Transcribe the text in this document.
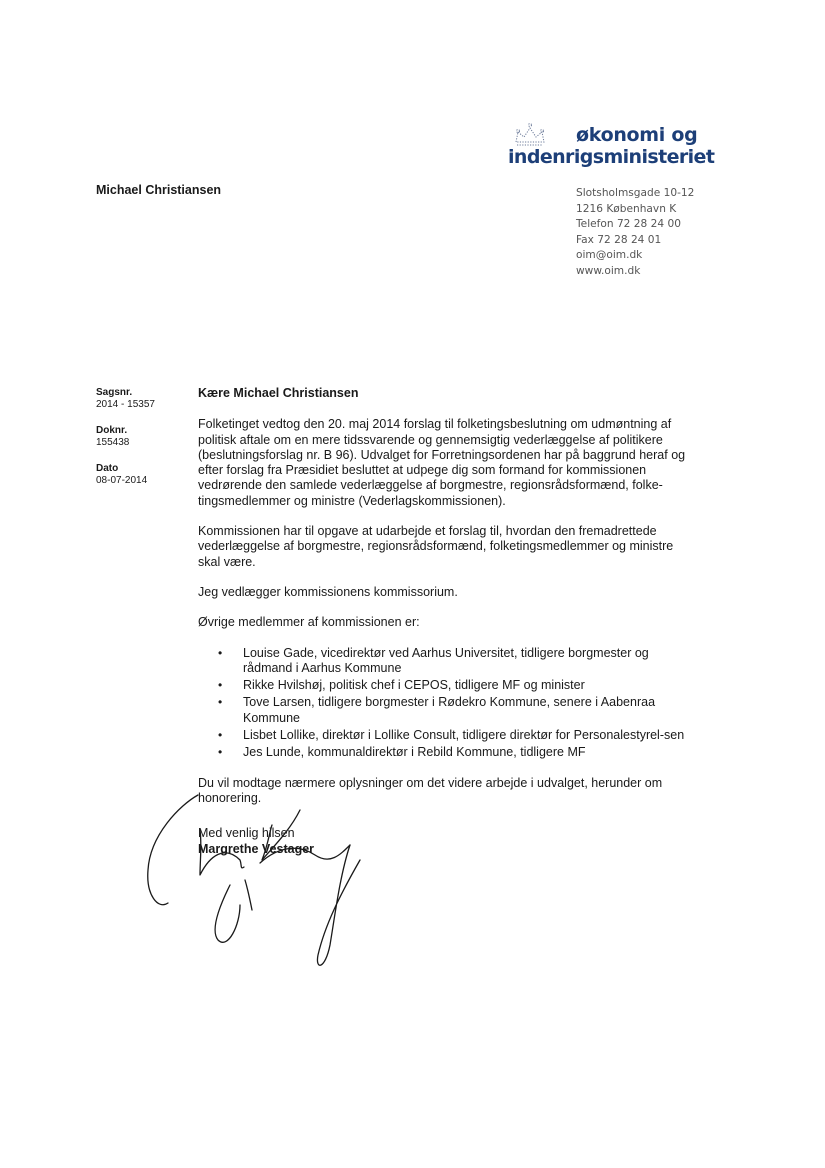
økonomi og
indenrigsministeriet
Michael Christiansen	Slotsholmsgade 10-12
1216 København K
Telefon 72 28 24 00
Fax 72 28 24 01
oim@oim.dk
www.oim.dk
Sagsnr.
2014 - 15357
Doknr.
155438
Dato
08-07-2014
Kære Michael Christiansen

Folketinget vedtog den 20. maj 2014 forslag til folketingsbeslutning om udmøntning af politisk aftale om en mere tidssvarende og gennemsigtig vederlæggelse af politikere (beslutningsforslag nr. B 96). Udvalget for Forretningsordenen har på baggrund heraf og efter forslag fra Præsidiet besluttet at udpege dig som formand for kommissionen vedrørende den samlede vederlæggelse af borgmestre, regionsrådsformænd, folke-tingsmedlemmer og ministre (Vederlagskommissionen).

Kommissionen har til opgave at udarbejde et forslag til, hvordan den fremadrettede vederlæggelse af borgmestre, regionsrådsformænd, folketingsmedlemmer og ministre skal være.

Jeg vedlægger kommissionens kommissorium.

Øvrige medlemmer af kommissionen er:

• Louise Gade, vicedirektør ved Aarhus Universitet, tidligere borgmester og rådmand i Aarhus Kommune
• Rikke Hvilshøj, politisk chef i CEPOS, tidligere MF og minister
• Tove Larsen, tidligere borgmester i Rødekro Kommune, senere i Aabenraa Kommune
• Lisbet Lollike, direktør i Lollike Consult, tidligere direktør for Personalestyrel-sen
• Jes Lunde, kommunaldirektør i Rebild Kommune, tidligere MF

Du vil modtage nærmere oplysninger om det videre arbejde i udvalget, herunder om honorering.

Med venlig hilsen
Margrethe Vestager
